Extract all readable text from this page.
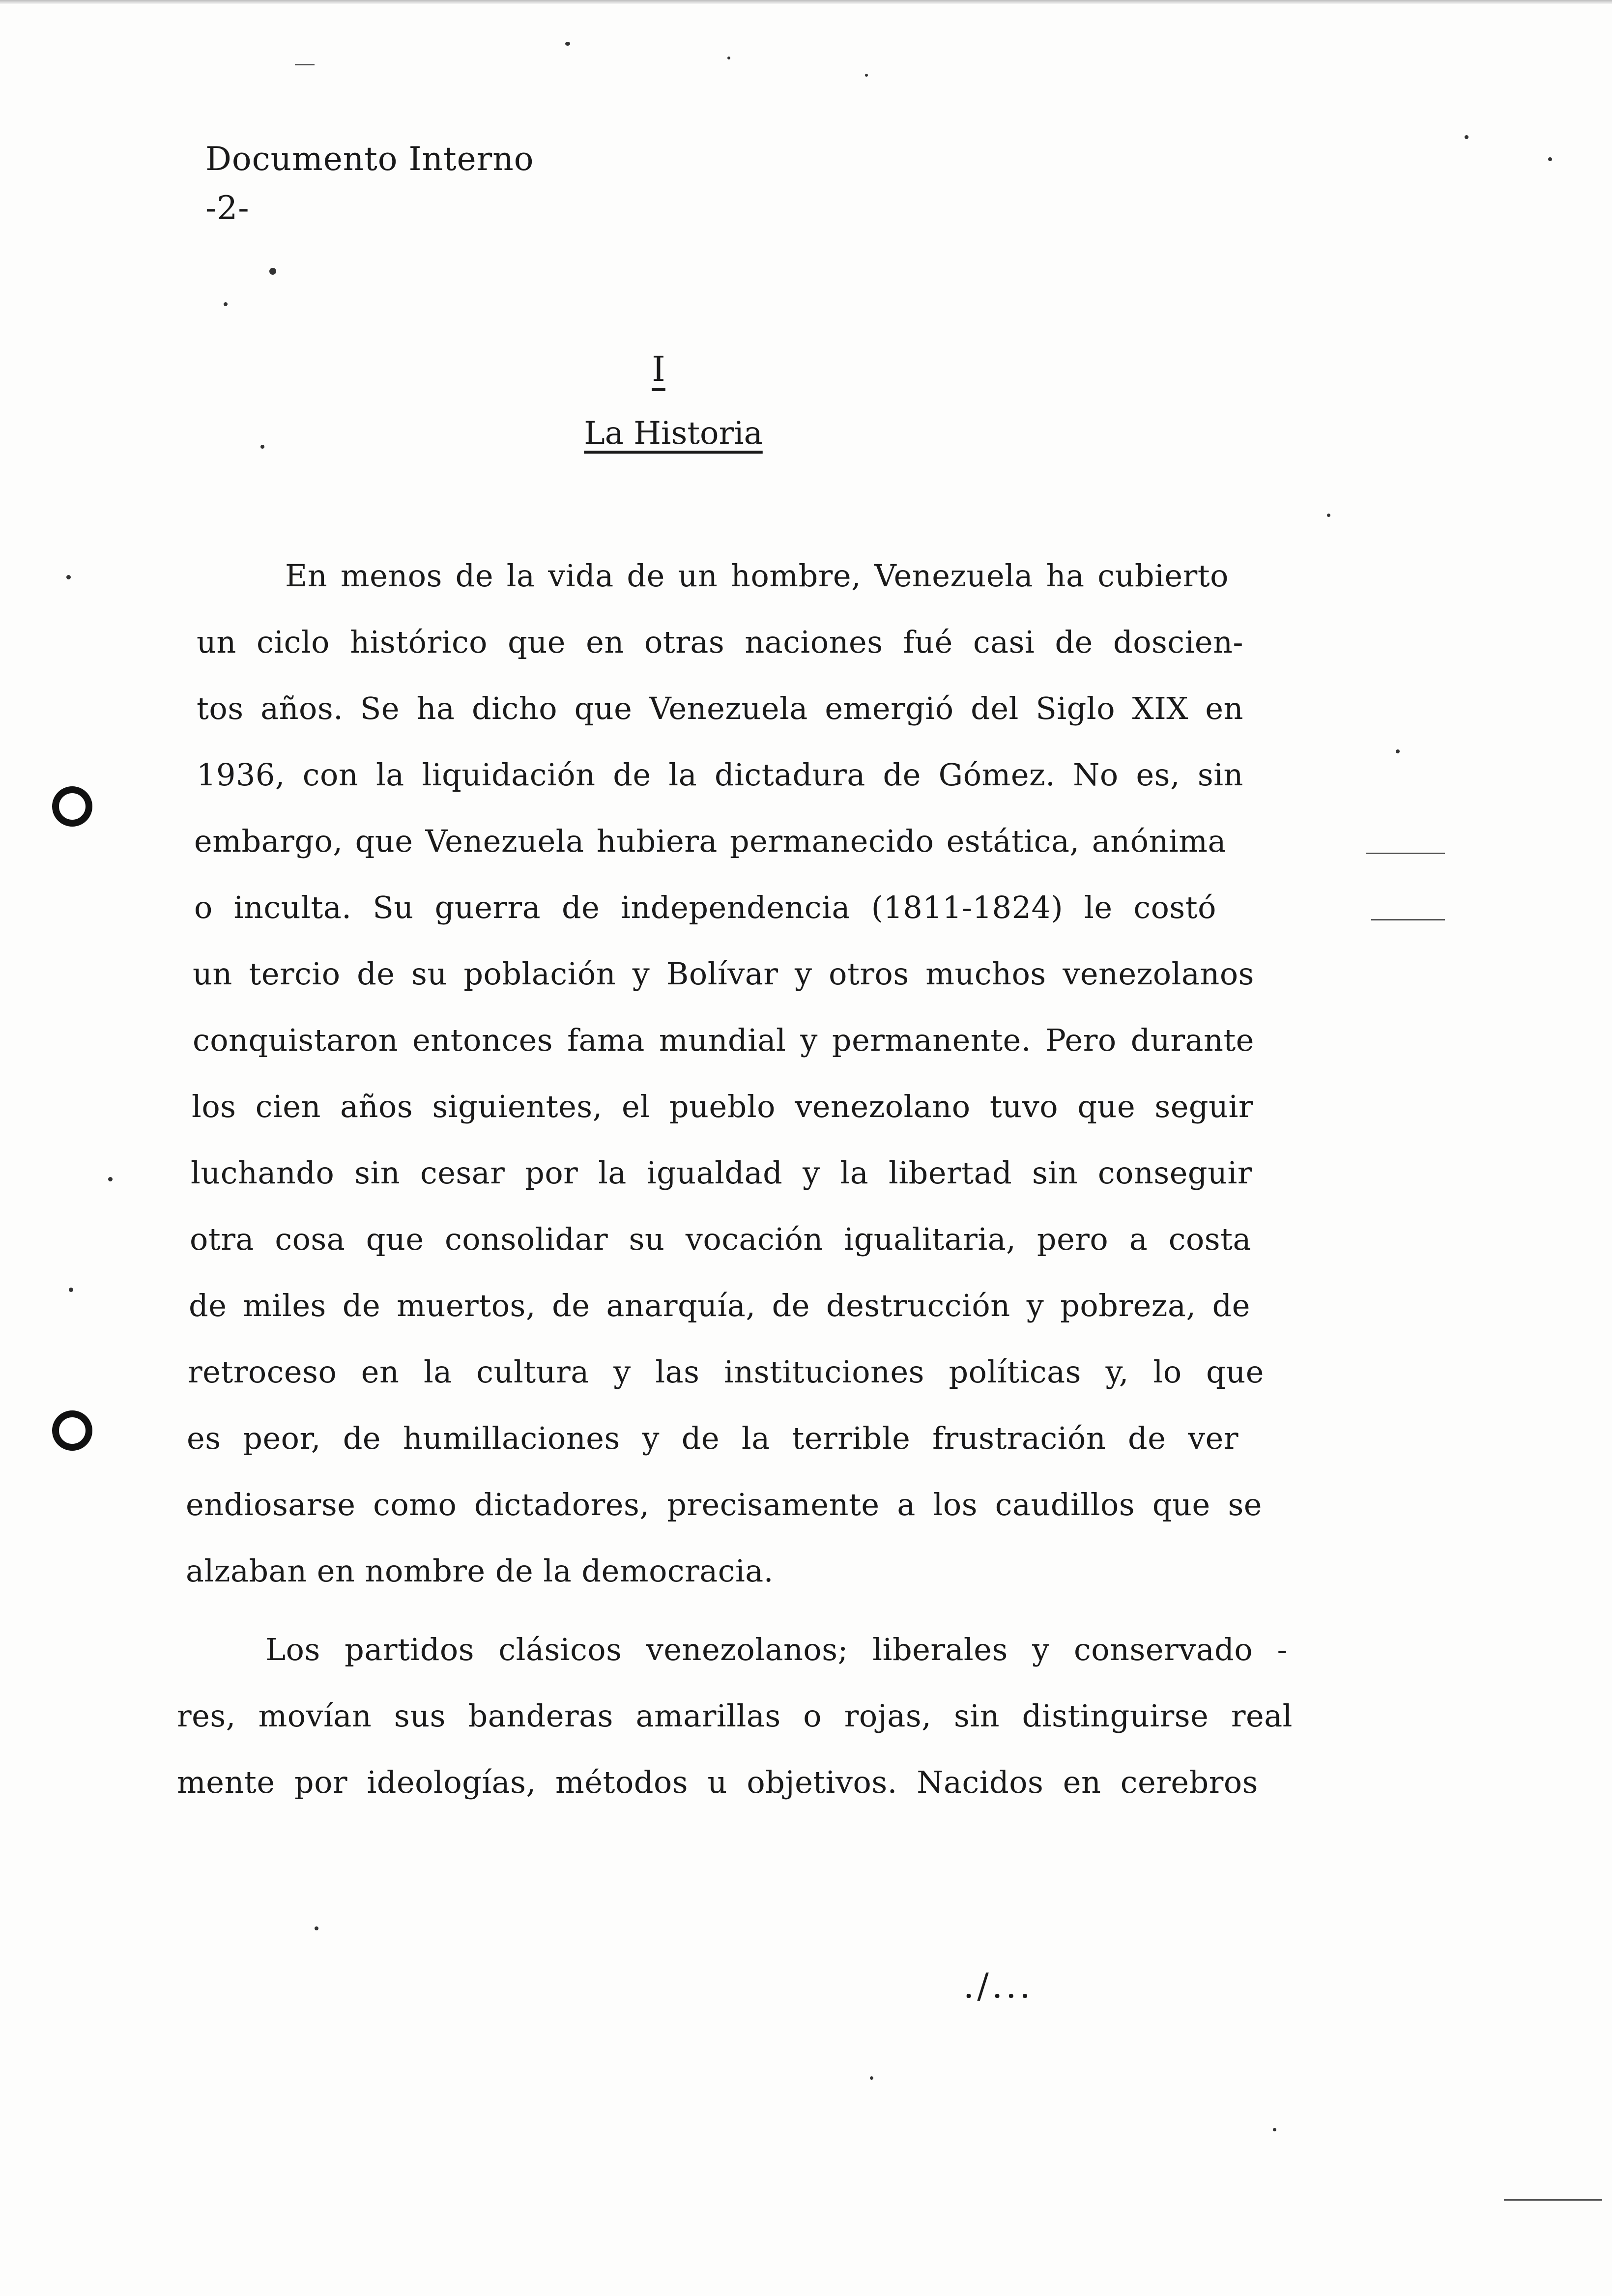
Documento Interno
-2-
I
La Historia
En menos de la vida de un hombre, Venezuela ha cubierto
un ciclo histórico que en otras naciones fué casi de doscien-
tos años. Se ha dicho que Venezuela emergió del Siglo XIX en
1936, con la liquidación de la dictadura de Gómez. No es, sin
embargo, que Venezuela hubiera permanecido estática, anónima
o inculta. Su guerra de independencia (1811-1824) le costó
un tercio de su población y Bolívar y otros muchos venezolanos
conquistaron entonces fama mundial y permanente. Pero durante
los cien años siguientes, el pueblo venezolano tuvo que seguir
luchando sin cesar por la igualdad y la libertad sin conseguir
otra cosa que consolidar su vocación igualitaria, pero a costa
de miles de muertos, de anarquía, de destrucción y pobreza, de
retroceso en la cultura y las instituciones políticas y, lo que
es peor, de humillaciones y de la terrible frustración de ver
endiosarse como dictadores, precisamente a los caudillos que se
alzaban en nombre de la democracia.
Los partidos clásicos venezolanos; liberales y conservado -
res, movían sus banderas amarillas o rojas, sin distinguirse real
mente por ideologías, métodos u objetivos. Nacidos en cerebros
./...
